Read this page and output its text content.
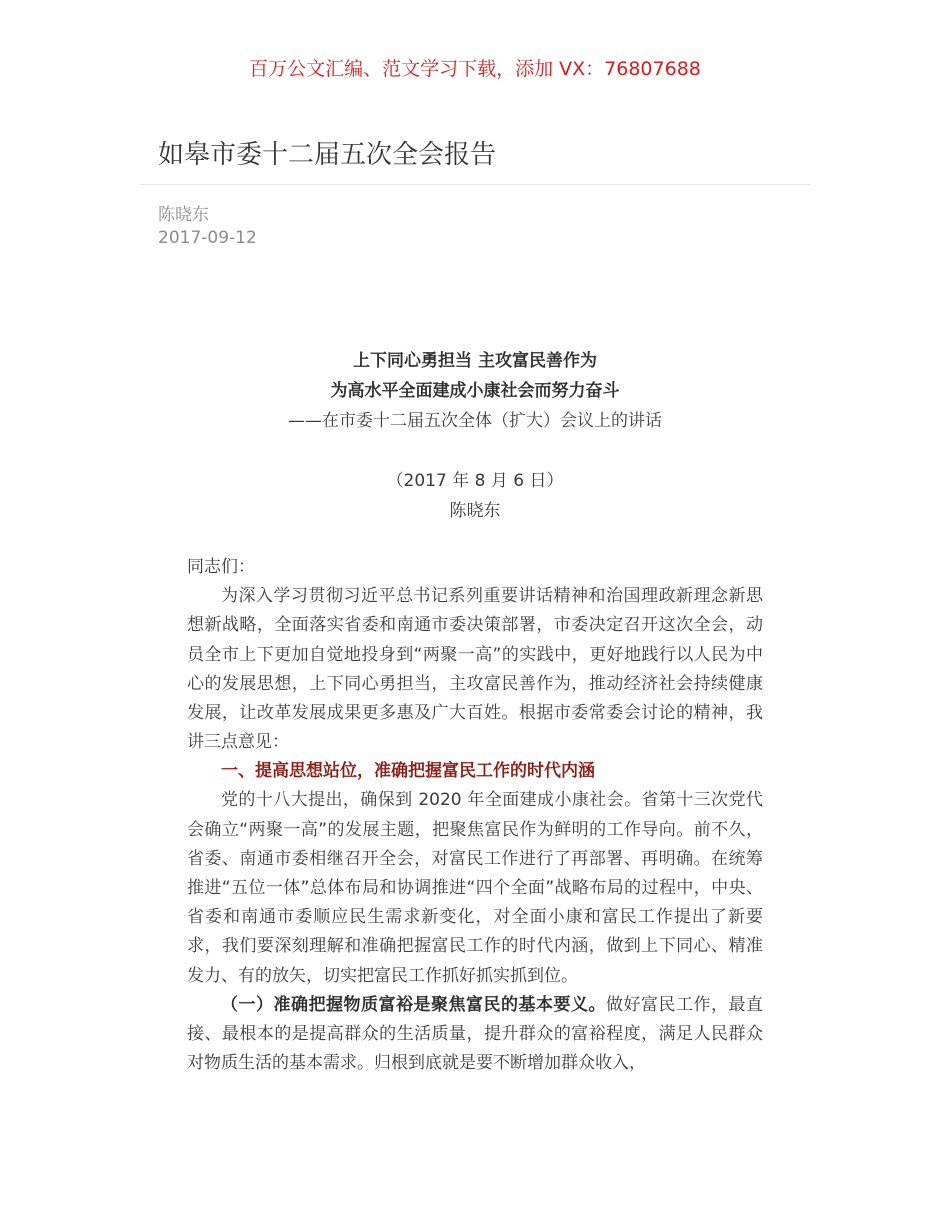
百万公文汇编、范文学习下载，添加 VX：76807688
如皋市委十二届五次全会报告
陈晓东
2017-09-12

上下同心勇担当 主攻富民善作为

为高水平全面建成小康社会而努力奋斗

——在市委十二届五次全体（扩大）会议上的讲话

（2017 年 8 月 6 日）

陈晓东

同志们：

为深入学习贯彻习近平总书记系列重要讲话精神和治国理政新理念新思想新战略，全面落实省委和南通市委决策部署，市委决定召开这次全会，动员全市上下更加自觉地投身到“两聚一高”的实践中，更好地践行以人民为中心的发展思想，上下同心勇担当，主攻富民善作为，推动经济社会持续健康发展，让改革发展成果更多惠及广大百姓。根据市委常委会讨论的精神，我讲三点意见：

一、提高思想站位，准确把握富民工作的时代内涵

党的十八大提出，确保到 2020 年全面建成小康社会。省第十三次党代会确立“两聚一高”的发展主题，把聚焦富民作为鲜明的工作导向。前不久，省委、南通市委相继召开全会，对富民工作进行了再部署、再明确。在统筹推进“五位一体”总体布局和协调推进“四个全面”战略布局的过程中，中央、省委和南通市委顺应民生需求新变化，对全面小康和富民工作提出了新要求，我们要深刻理解和准确把握富民工作的时代内涵，做到上下同心、精准发力、有的放矢，切实把富民工作抓好抓实抓到位。

（一）准确把握物质富裕是聚焦富民的基本要义。做好富民工作，最直接、最根本的是提高群众的生活质量，提升群众的富裕程度，满足人民群众对物质生活的基本需求。归根到底就是要不断增加群众收入，
